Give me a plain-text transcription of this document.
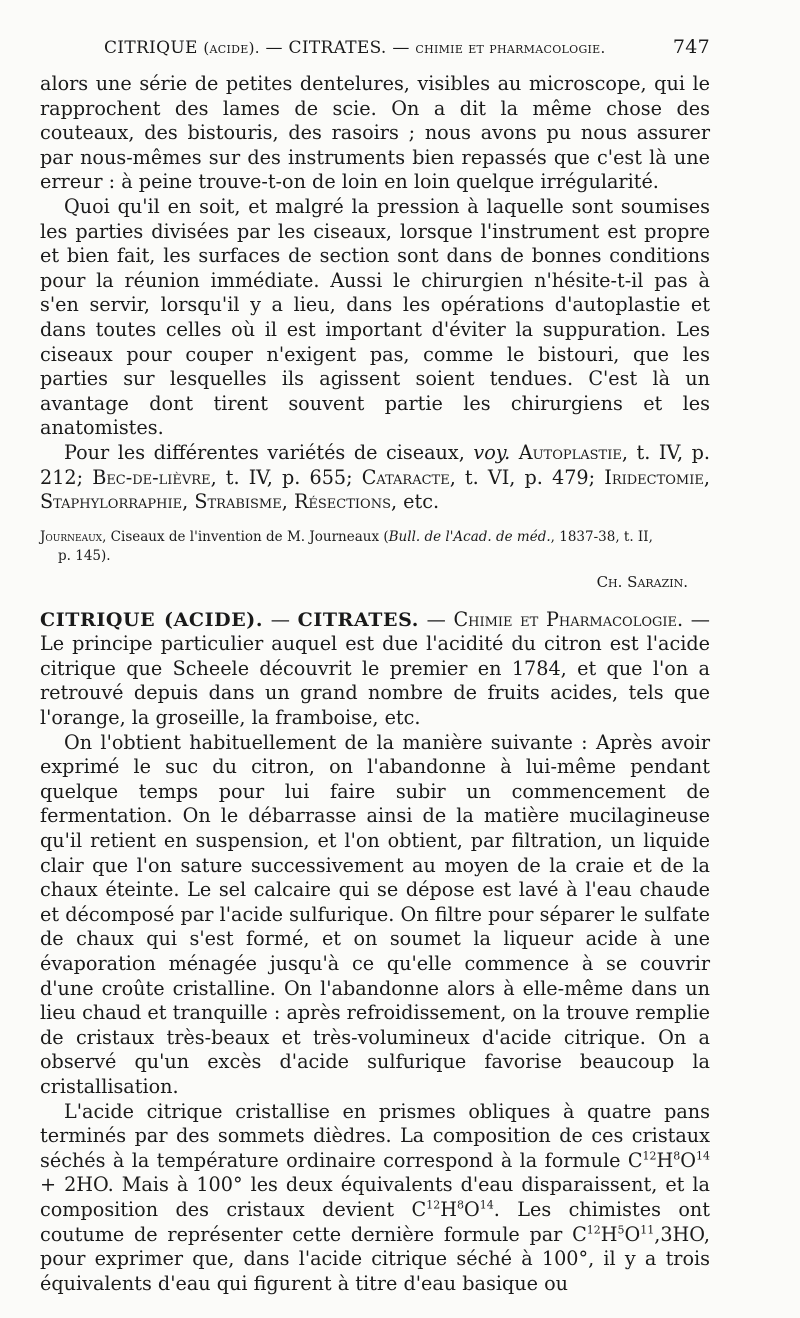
CITRIQUE (acide). — CITRATES. — chimie et pharmacologie.	747

alors une série de petites dentelures, visibles au microscope, qui le rapprochent des lames de scie. On a dit la même chose des couteaux, des bistouris, des rasoirs ; nous avons pu nous assurer par nous-mêmes sur des instruments bien repassés que c'est là une erreur : à peine trouve-t-on de loin en loin quelque irrégularité.

Quoi qu'il en soit, et malgré la pression à laquelle sont soumises les parties divisées par les ciseaux, lorsque l'instrument est propre et bien fait, les surfaces de section sont dans de bonnes conditions pour la réunion immédiate. Aussi le chirurgien n'hésite-t-il pas à s'en servir, lorsqu'il y a lieu, dans les opérations d'autoplastie et dans toutes celles où il est important d'éviter la suppuration. Les ciseaux pour couper n'exigent pas, comme le bistouri, que les parties sur lesquelles ils agissent soient tendues. C'est là un avantage dont tirent souvent partie les chirurgiens et les anatomistes.

Pour les différentes variétés de ciseaux, voy. Autoplastie, t. IV, p. 212; Bec-de-lièvre, t. IV, p. 655; Cataracte, t. VI, p. 479; Iridectomie, Staphylorraphie, Strabisme, Résections, etc.

Journeaux, Ciseaux de l'invention de M. Journeaux (Bull. de l'Acad. de méd., 1837-38, t. II,
p. 145).
Ch. Sarazin.

CITRIQUE (ACIDE). — CITRATES. — Chimie et Pharmacologie. — Le principe particulier auquel est due l'acidité du citron est l'acide citrique que Scheele découvrit le premier en 1784, et que l'on a retrouvé depuis dans un grand nombre de fruits acides, tels que l'orange, la groseille, la framboise, etc.

On l'obtient habituellement de la manière suivante : Après avoir exprimé le suc du citron, on l'abandonne à lui-même pendant quelque temps pour lui faire subir un commencement de fermentation. On le débarrasse ainsi de la matière mucilagineuse qu'il retient en suspension, et l'on obtient, par filtration, un liquide clair que l'on sature successivement au moyen de la craie et de la chaux éteinte. Le sel calcaire qui se dépose est lavé à l'eau chaude et décomposé par l'acide sulfurique. On filtre pour séparer le sulfate de chaux qui s'est formé, et on soumet la liqueur acide à une évaporation ménagée jusqu'à ce qu'elle commence à se couvrir d'une croûte cristalline. On l'abandonne alors à elle-même dans un lieu chaud et tranquille : après refroidissement, on la trouve remplie de cristaux très-beaux et très-volumineux d'acide citrique. On a observé qu'un excès d'acide sulfurique favorise beaucoup la cristallisation.

L'acide citrique cristallise en prismes obliques à quatre pans terminés par des sommets dièdres. La composition de ces cristaux séchés à la température ordinaire correspond à la formule $C^{12}H^8O^{14} + 2HO$. Mais à 100° les deux équivalents d'eau disparaissent, et la composition des cristaux devient $C^{12}H^8O^{14}$. Les chimistes ont coutume de représenter cette dernière formule par $C^{12}H^5O^{11},3HO$, pour exprimer que, dans l'acide citrique séché à 100°, il y a trois équivalents d'eau qui figurent à titre d'eau basique ou
